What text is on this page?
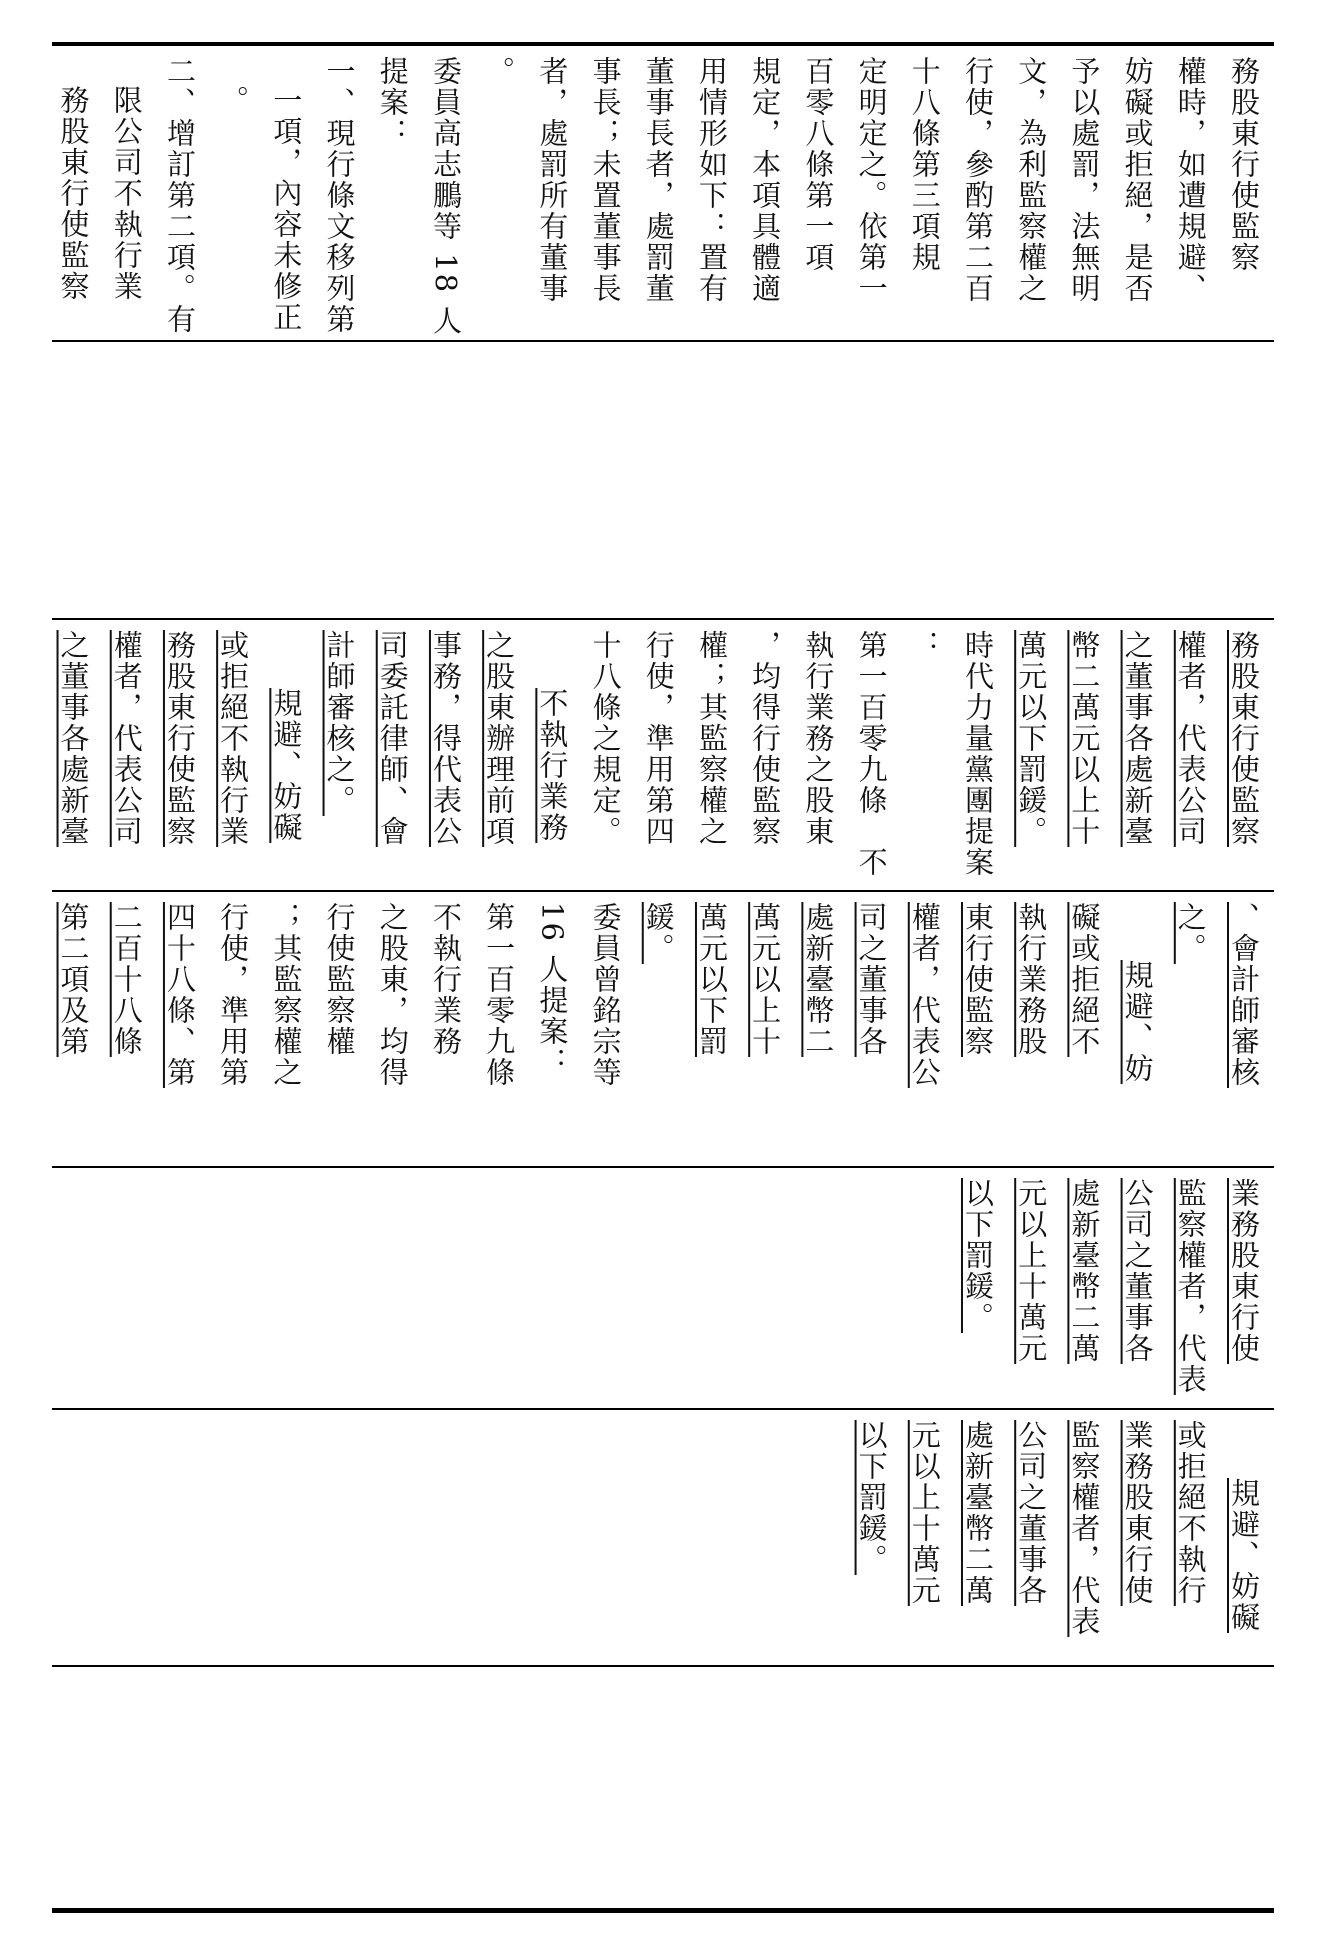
務股東行使監察

權時，如遭規避、

妨礙或拒絕，是否

予以處罰，法無明

文，為利監察權之

行使，參酌第二百

十八條第三項規

定明定之。依第一

百零八條第一項

規定，本項具體適

用情形如下：置有

董事長者，處罰董

事長；未置董事長

者，處罰所有董事

。

委員高志鵬等 18 人

提案：

一、現行條文移列第

一項，內容未修正

。

二、增訂第二項。有

限公司不執行業

務股東行使監察

務股東行使監察

權者，代表公司

之董事各處新臺

幣二萬元以上十

萬元以下罰鍰。

時代力量黨團提案

：

第一百零九條　不

執行業務之股東

，均得行使監察

權；其監察權之

行使，準用第四

十八條之規定。

不執行業務

之股東辦理前項

事務，得代表公

司委託律師、會

計師審核之。

規避、妨礙

或拒絕不執行業

務股東行使監察

權者，代表公司

之董事各處新臺

、會計師審核

之。

規避、妨

礙或拒絕不

執行業務股

東行使監察

權者，代表公

司之董事各

處新臺幣二

萬元以上十

萬元以下罰

鍰。

委員曾銘宗等

16 人提案：

第一百零九條

不執行業務

之股東，均得

行使監察權

；其監察權之

行使，準用第

四十八條、第

二百十八條

第二項及第

業務股東行使

監察權者，代表

公司之董事各

處新臺幣二萬

元以上十萬元

以下罰鍰。

規避、妨礙

或拒絕不執行

業務股東行使

監察權者，代表

公司之董事各

處新臺幣二萬

元以上十萬元

以下罰鍰。
